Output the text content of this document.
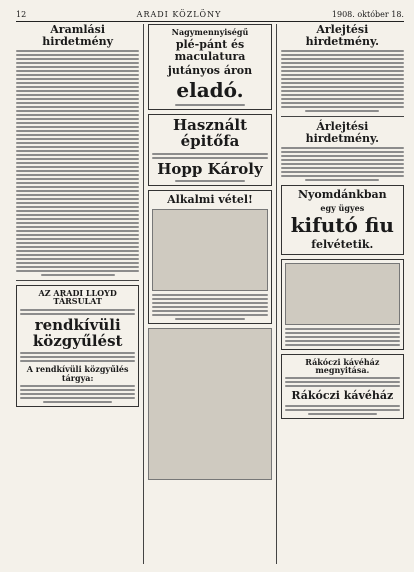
12	ARADI KÖZLÖNY	1908. október 18.
Áramlási hirdetmény
AZ ARADI LLOYD TÁRSULAT
rendkívüli közgyűlést
A rendkívüli közgyűlés tárgya:
Nagymennyiségű
plé-pánt és maculatura
jutányos áron
eladó.
Használt épitőfa
Hopp Károly
Alkalmi vétel!
Árlejtési hirdetmény.
Árlejtési hirdetmény.
Nyomdánkban
egy ügyes
kifutó fiu
felvétetik.
Rákóczi kávéház megnyitása.
Rákóczi kávéház
